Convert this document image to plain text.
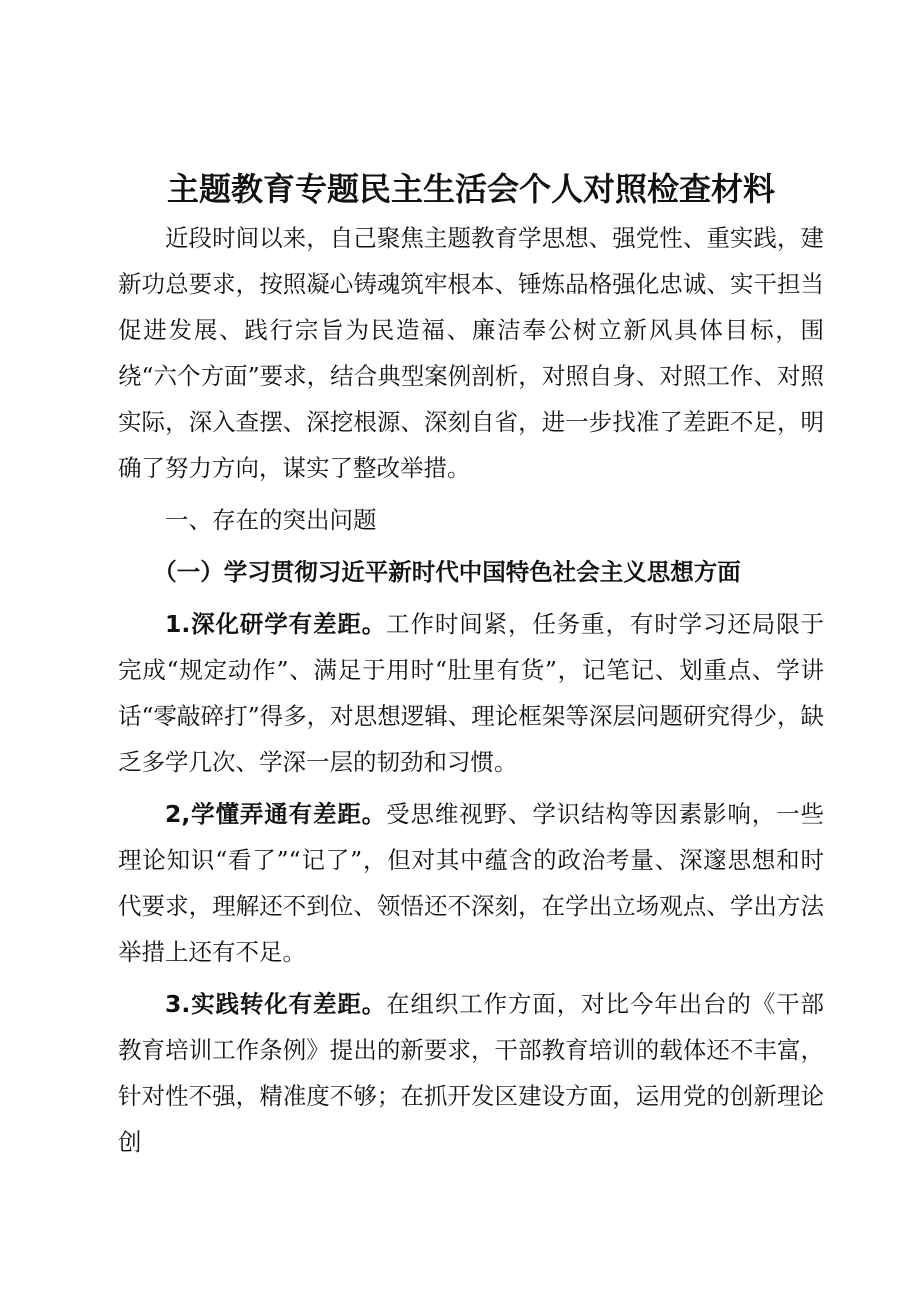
主题教育专题民主生活会个人对照检查材料

近段时间以来，自己聚焦主题教育学思想、强党性、重实践，建新功总要求，按照凝心铸魂筑牢根本、锤炼品格强化忠诚、实干担当促进发展、践行宗旨为民造福、廉洁奉公树立新风具体目标，围绕“六个方面”要求，结合典型案例剖析，对照自身、对照工作、对照实际，深入查摆、深挖根源、深刻自省，进一步找准了差距不足，明确了努力方向，谋实了整改举措。

一、存在的突出问题

（一）学习贯彻习近平新时代中国特色社会主义思想方面

1.深化研学有差距。工作时间紧，任务重，有时学习还局限于完成“规定动作”、满足于用时“肚里有货”，记笔记、划重点、学讲话“零敲碎打”得多，对思想逻辑、理论框架等深层问题研究得少，缺乏多学几次、学深一层的韧劲和习惯。

2,学懂弄通有差距。受思维视野、学识结构等因素影响，一些理论知识“看了”“记了”，但对其中蕴含的政治考量、深邃思想和时代要求，理解还不到位、领悟还不深刻，在学出立场观点、学出方法举措上还有不足。

3.实践转化有差距。在组织工作方面，对比今年出台的《干部教育培训工作条例》提出的新要求，干部教育培训的载体还不丰富，针对性不强，精准度不够；在抓开发区建设方面，运用党的创新理论创
